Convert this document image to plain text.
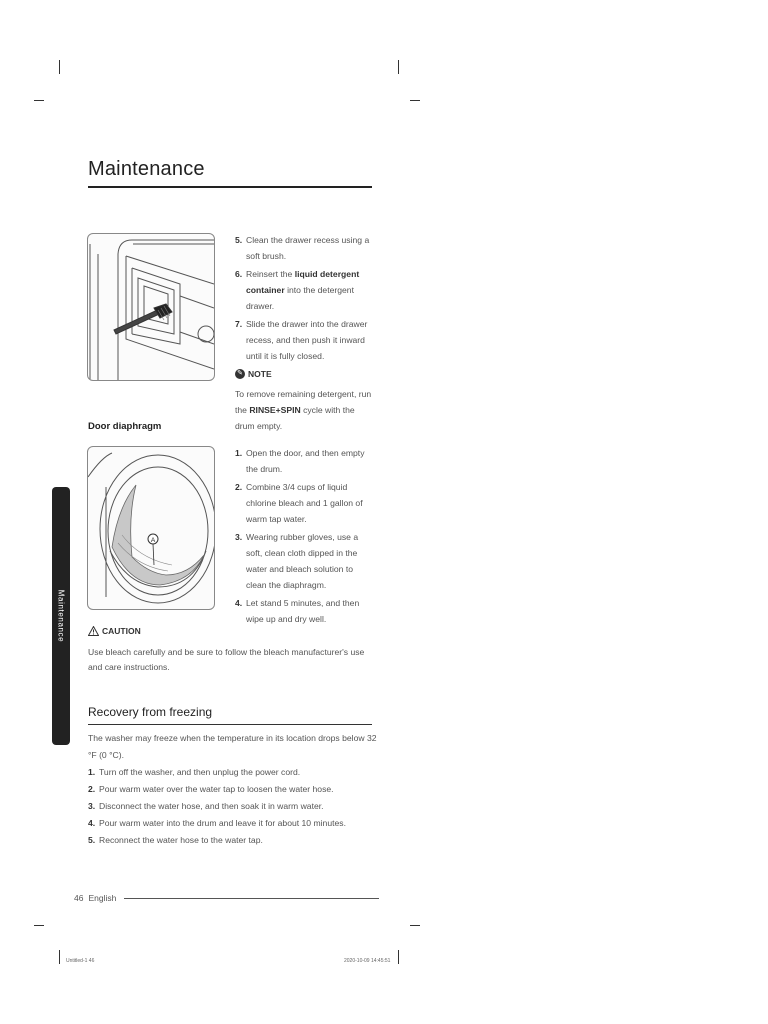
Maintenance
5. Clean the drawer recess using a soft brush.
6. Reinsert the liquid detergent container into the detergent drawer.
7. Slide the drawer into the drawer recess, and then push it inward until it is fully closed.
✎ NOTE
To remove remaining detergent, run the RINSE+SPIN cycle with the drum empty.
Door diaphragm
A
1. Open the door, and then empty the drum.
2. Combine 3/4 cups of liquid chlorine bleach and 1 gallon of warm tap water.
3. Wearing rubber gloves, use a soft, clean cloth dipped in the water and bleach solution to clean the diaphragm.
4. Let stand 5 minutes, and then wipe up and dry well.
Maintenance	CAUTION
Use bleach carefully and be sure to follow the bleach manufacturer's use and care instructions.
Recovery from freezing
The washer may freeze when the temperature in its location drops below 32 °F (0 °C).
1. Turn off the washer, and then unplug the power cord.
2. Pour warm water over the water tap to loosen the water hose.
3. Disconnect the water hose, and then soak it in warm water.
4. Pour warm water into the drum and leave it for about 10 minutes.
5. Reconnect the water hose to the water tap.
46 English
Untitled-1 46	2020-10-09 14:45:51
